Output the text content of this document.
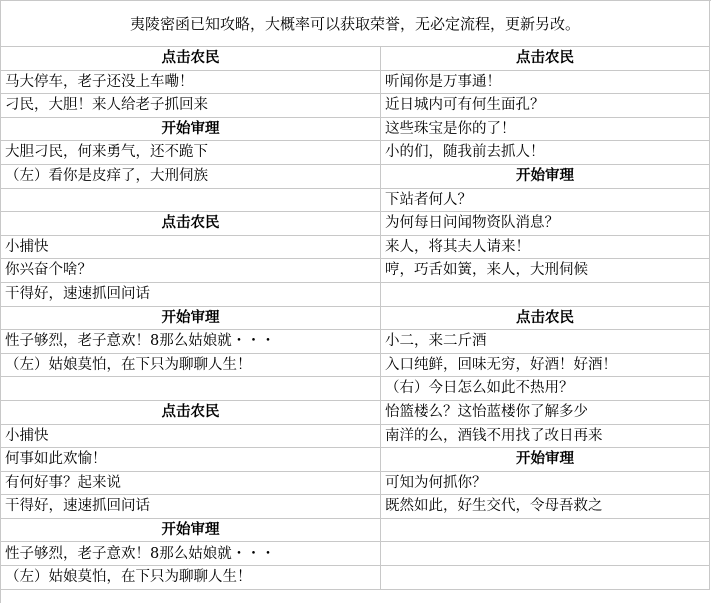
夷陵密函已知攻略，大概率可以获取荣誉，无必定流程，更新另改。
点击农民
马大停车，老子还没上车嘞！
刁民，大胆！来人给老子抓回来
开始审理
大胆刁民，何来勇气，还不跪下
（左）看你是皮痒了，大刑伺族
点击农民
小捕快
你兴奋个啥？
干得好，速速抓回问话
开始审理
性子够烈，老子意欢！8那么姑娘就・・・
（左）姑娘莫怕，在下只为聊聊人生！
点击农民
小捕快
何事如此欢愉！
有何好事？起来说
干得好，速速抓回问话
开始审理
性子够烈，老子意欢！8那么姑娘就・・・
（左）姑娘莫怕，在下只为聊聊人生！
点击农民
听闻你是万事通！
近日城内可有何生面孔？
这些珠宝是你的了！
小的们，随我前去抓人！
开始审理
下站者何人？
为何每日问闻物资队消息？
来人，将其夫人请来！
哼，巧舌如簧，来人，大刑伺候
点击农民
小二，来二斤酒
入口纯鲜，回味无穷，好酒！好酒！
（右）今日怎么如此不热用？
怡篮楼么？这怡蓝楼你了解多少
南洋的么，酒钱不用找了改日再来
开始审理
可知为何抓你？
既然如此，好生交代，令母吾救之
